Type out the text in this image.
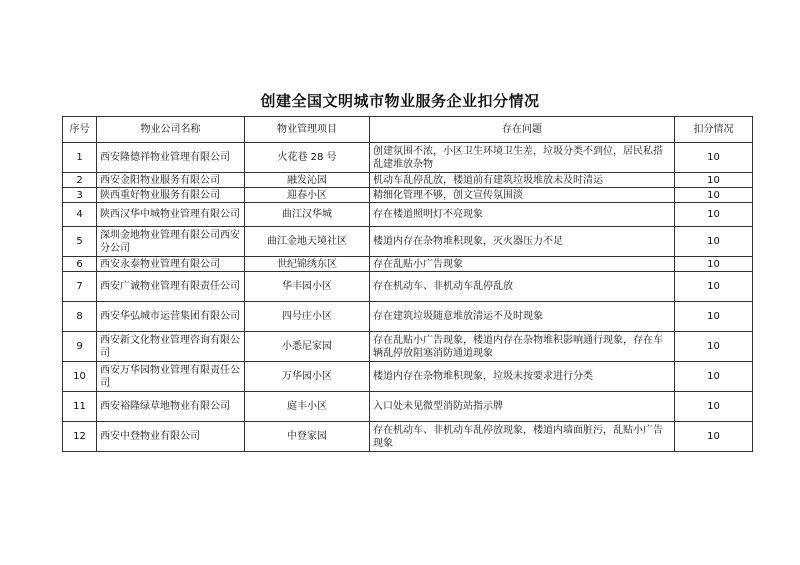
创建全国文明城市物业服务企业扣分情况
序号	物业公司名称	物业管理项目	存在问题	扣分情况
1	西安隆德祥物业管理有限公司	火花巷 28 号	创建氛围不浓，小区卫生环境卫生差，垃圾分类不到位，居民私搭乱建堆放杂物	10
2	西安金阳物业服务有限公司	融发沁园	机动车乱停乱放，楼道前有建筑垃圾堆放未及时清运	10
3	陕西重好物业服务有限公司	迎春小区	精细化管理不够，创文宣传氛围淡	10
4	陕西汉华中城物业管理有限公司	曲江汉华城	存在楼道照明灯不亮现象	10
5	深圳金地物业管理有限公司西安分公司	曲江金地天境社区	楼道内存在杂物堆积现象，灭火器压力不足	10
6	西安永泰物业管理有限公司	世纪锦绣东区	存在乱贴小广告现象	10
7	西安广诚物业管理有限责任公司	华丰园小区	存在机动车、非机动车乱停乱放	10
8	西安华弘城市运营集团有限公司	四号庄小区	存在建筑垃圾随意堆放清运不及时现象	10
9	西安新文化物业管理咨询有限公司	小悉尼家园	存在乱贴小广告现象，楼道内存在杂物堆积影响通行现象，存在车辆乱停放阻塞消防通道现象	10
10	西安万华园物业管理有限责任公司	万华园小区	楼道内存在杂物堆积现象，垃圾未按要求进行分类	10
11	西安裕隆绿草地物业有限公司	庭丰小区	入口处未见微型消防站指示牌	10
12	西安中登物业有限公司	中登家园	存在机动车、非机动车乱停放现象，楼道内墙面脏污，乱贴小广告现象	10
